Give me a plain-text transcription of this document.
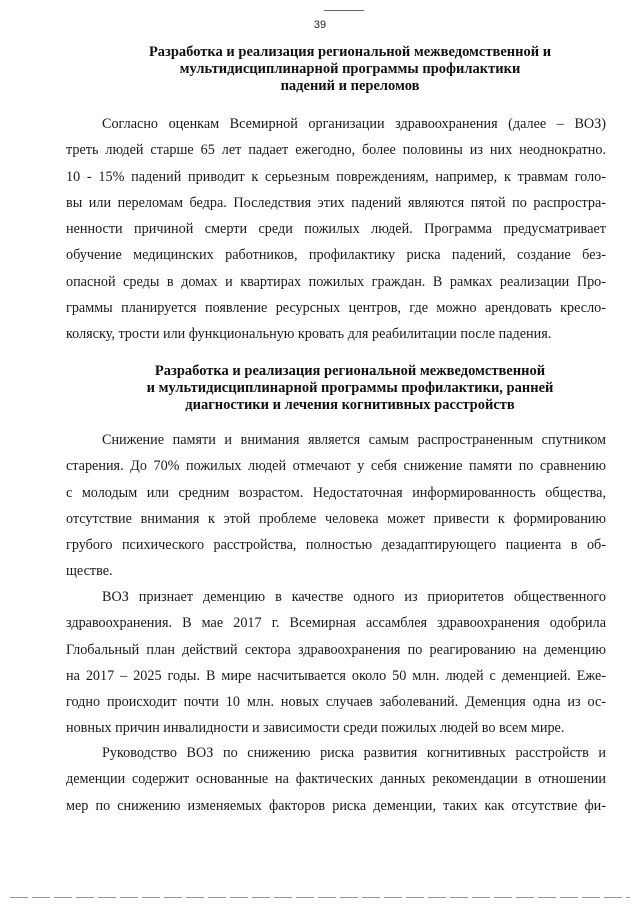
39
Разработка и реализация региональной межведомственной и
мультидисциплинарной программы профилактики
падений и переломов
Согласно оценкам Всемирной организации здравоохранения (далее – ВОЗ)
треть людей старше 65 лет падает ежегодно, более половины из них неоднократно.
10 - 15% падений приводит к серьезным повреждениям, например, к травмам голо-
вы или переломам бедра. Последствия этих падений являются пятой по распростра-
ненности причиной смерти среди пожилых людей. Программа предусматривает
обучение медицинских работников, профилактику риска падений, создание без-
опасной среды в домах и квартирах пожилых граждан. В рамках реализации Про-
граммы планируется появление ресурсных центров, где можно арендовать кресло-
коляску, трости или функциональную кровать для реабилитации после падения.
Разработка и реализация региональной межведомственной
и мультидисциплинарной программы профилактики, ранней
диагностики и лечения когнитивных расстройств
Снижение памяти и внимания является самым распространенным спутником
старения. До 70% пожилых людей отмечают у себя снижение памяти по сравнению
с молодым или средним возрастом. Недостаточная информированность общества,
отсутствие внимания к этой проблеме человека может привести к формированию
грубого психического расстройства, полностью дезадаптирующего пациента в об-
ществе.
ВОЗ признает деменцию в качестве одного из приоритетов общественного
здравоохранения. В мае 2017 г. Всемирная ассамблея здравоохранения одобрила
Глобальный план действий сектора здравоохранения по реагированию на деменцию
на 2017 – 2025 годы. В мире насчитывается около 50 млн. людей с деменцией. Еже-
годно происходит почти 10 млн. новых случаев заболеваний. Деменция одна из ос-
новных причин инвалидности и зависимости среди пожилых людей во всем мире.
Руководство ВОЗ по снижению риска развития когнитивных расстройств и
деменции содержит основанные на фактических данных рекомендации в отношении
мер по снижению изменяемых факторов риска деменции, таких как отсутствие фи-
